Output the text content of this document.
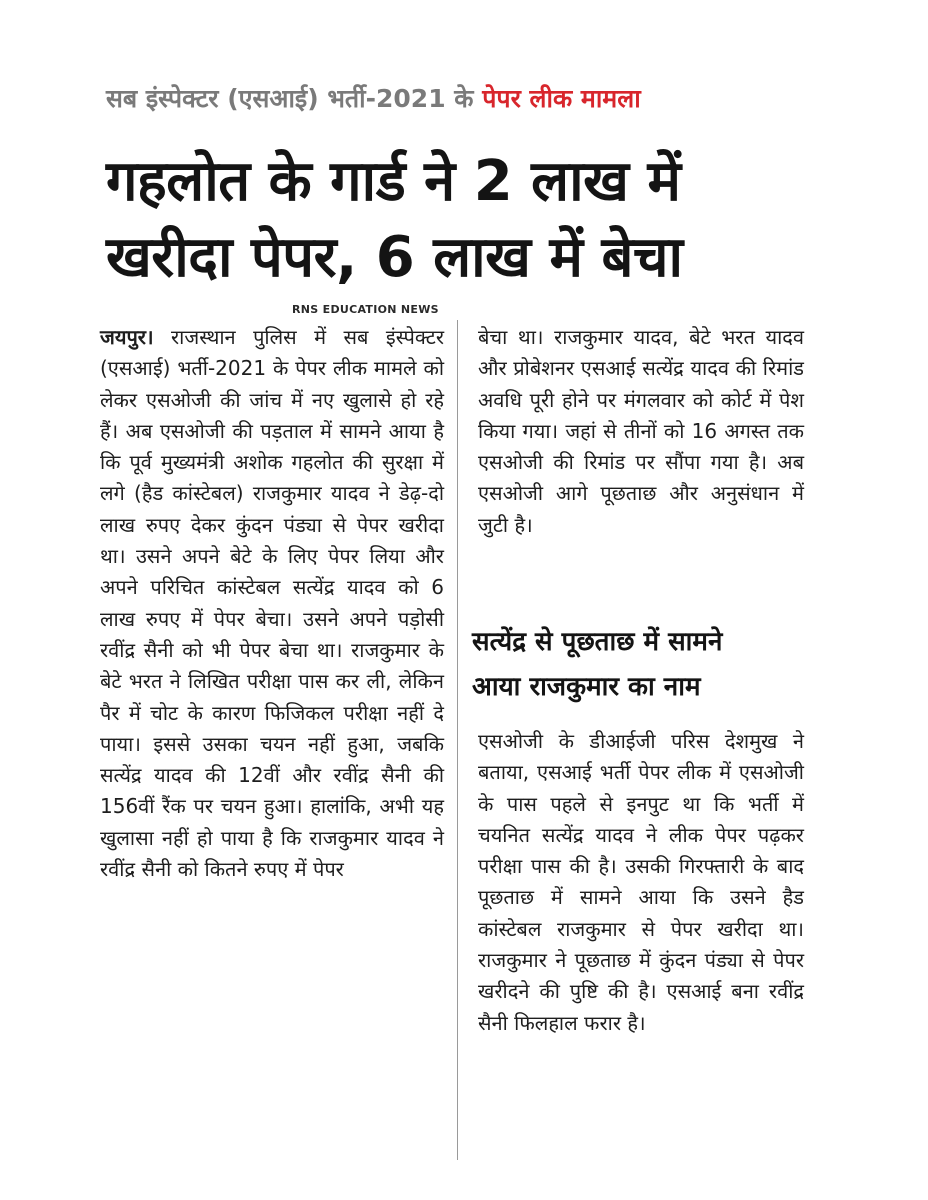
सब इंस्पेक्टर (एसआई) भर्ती-2021 के पेपर लीक मामला
गहलोत के गार्ड ने 2 लाख में
खरीदा पेपर, 6 लाख में बेचा
RNS EDUCATION NEWS
जयपुर। राजस्थान पुलिस में सब इंस्पेक्टर (एसआई) भर्ती-2021 के पेपर लीक मामले को लेकर एसओजी की जांच में नए खुलासे हो रहे हैं। अब एसओजी की पड़ताल में सामने आया है कि पूर्व मुख्यमंत्री अशोक गहलोत की सुरक्षा में लगे (हैड कांस्टेबल) राजकुमार यादव ने डेढ़-दो लाख रुपए देकर कुंदन पंड्या से पेपर खरीदा था। उसने अपने बेटे के लिए पेपर लिया और अपने परिचित कांस्टेबल सत्येंद्र यादव को 6 लाख रुपए में पेपर बेचा। उसने अपने पड़ोसी रवींद्र सैनी को भी पेपर बेचा था। राजकुमार के बेटे भरत ने लिखित परीक्षा पास कर ली, लेकिन पैर में चोट के कारण फिजिकल परीक्षा नहीं दे पाया। इससे उसका चयन नहीं हुआ, जबकि सत्येंद्र यादव की 12वीं और रवींद्र सैनी की 156वीं रैंक पर चयन हुआ। हालांकि, अभी यह खुलासा नहीं हो पाया है कि राजकुमार यादव ने रवींद्र सैनी को कितने रुपए में पेपर
बेचा था। राजकुमार यादव, बेटे भरत यादव और प्रोबेशनर एसआई सत्येंद्र यादव की रिमांड अवधि पूरी होने पर मंगलवार को कोर्ट में पेश किया गया। जहां से तीनों को 16 अगस्त तक एसओजी की रिमांड पर सौंपा गया है। अब एसओजी आगे पूछताछ और अनुसंधान में जुटी है।
सत्येंद्र से पूछताछ में सामने
आया राजकुमार का नाम
एसओजी के डीआईजी परिस देशमुख ने बताया, एसआई भर्ती पेपर लीक में एसओजी के पास पहले से इनपुट था कि भर्ती में चयनित सत्येंद्र यादव ने लीक पेपर पढ़कर परीक्षा पास की है। उसकी गिरफ्तारी के बाद पूछताछ में सामने आया कि उसने हैड कांस्टेबल राजकुमार से पेपर खरीदा था। राजकुमार ने पूछताछ में कुंदन पंड्या से पेपर खरीदने की पुष्टि की है। एसआई बना रवींद्र सैनी फिलहाल फरार है।
